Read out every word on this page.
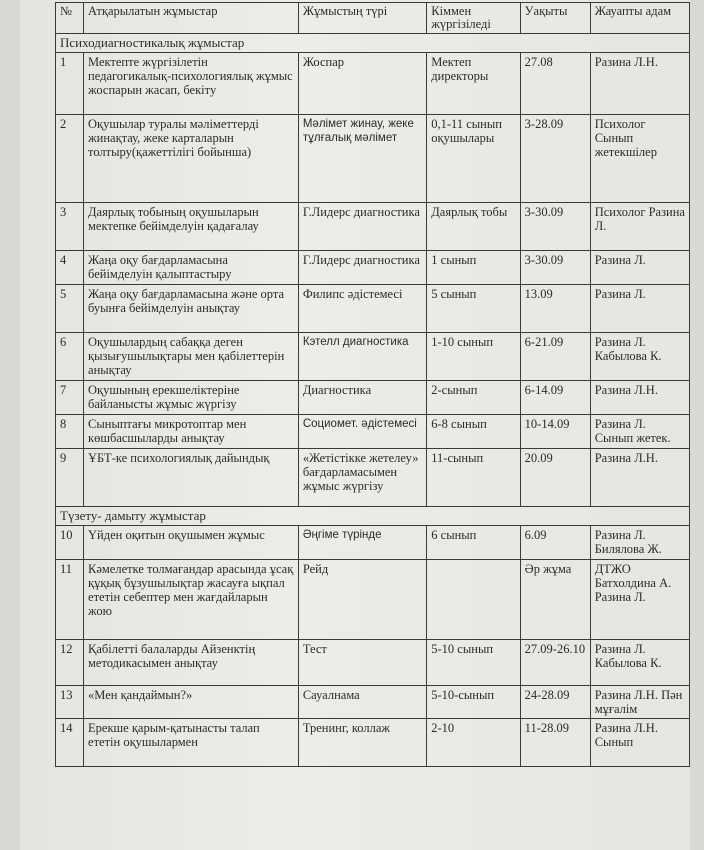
№	Атқарылатын жұмыстар	Жұмыстың түрі	Кіммен жүргізіледі	Уақыты	Жауапты адам
Психодиагностикалық жұмыстар					
1	Мектепте жүргізілетін педагогикалық-психологиялық жұмыс жоспарын жасап, бекіту	Жоспар	Мектеп директоры	27.08	Разина Л.Н.
2	Оқушылар туралы мәліметтерді жинақтау, жеке карталарын толтыру(қажеттілігі бойынша)	Мәлімет жинау, жеке тұлғалық мәлімет	0,1-11 сынып оқушылары	3-28.09	Психолог Сынып жетекшілер
3	Даярлық тобының оқушыларын мектепке бейімделуін қадағалау	Г.Лидерс диагностика	Даярлық тобы	3-30.09	Психолог Разина Л.
4	Жаңа оқу бағдарламасына бейімделуін қалыптастыру	Г.Лидерс диагностика	1 сынып	3-30.09	Разина Л.
5	Жаңа оқу бағдарламасына және орта буынға бейімделуін анықтау	Филипс әдістемесі	5 сынып	13.09	Разина Л.
6	Оқушылардың сабаққа деген қызығушылықтары мен қабілеттерін анықтау	Кэтелл диагностика	1-10 сынып	6-21.09	Разина Л. Кабылова К.
7	Оқушының ерекшеліктеріне байланысты жұмыс жүргізу	Диагностика	2-сынып	6-14.09	Разина Л.Н.
8	Сыныптағы микротоптар мен көшбасшыларды анықтау	Социомет. әдістемесі	6-8 сынып	10-14.09	Разина Л. Сынып жетек.
9	ҰБТ-ке психологиялық дайындық	«Жетістікке жетелеу» бағдарламасымен жұмыс жүргізу	11-сынып	20.09	Разина Л.Н.
Түзету- дамыту жұмыстар					
10	Үйден оқитын оқушымен жұмыс	Әңгіме түрінде	6 сынып	6.09	Разина Л. Билялова Ж.
11	Кәмелетке толмағандар арасында ұсақ құқық бұзушылықтар жасауға ықпал ететін себептер мен жағдайларын жою	Рейд		Әр жұма	ДТЖО Батхолдина А. Разина Л.
12	Қабілетті балаларды Айзенктің методикасымен анықтау	Тест	5-10 сынып	27.09-26.10	Разина Л. Кабылова К.
13	«Мен қандаймын?»	Сауалнама	5-10-сынып	24-28.09	Разина Л.Н. Пән мұғалім
14	Ерекше қарым-қатынасты талап ететін оқушылармен	Тренинг, коллаж	2-10	11-28.09	Разина Л.Н. Сынып
